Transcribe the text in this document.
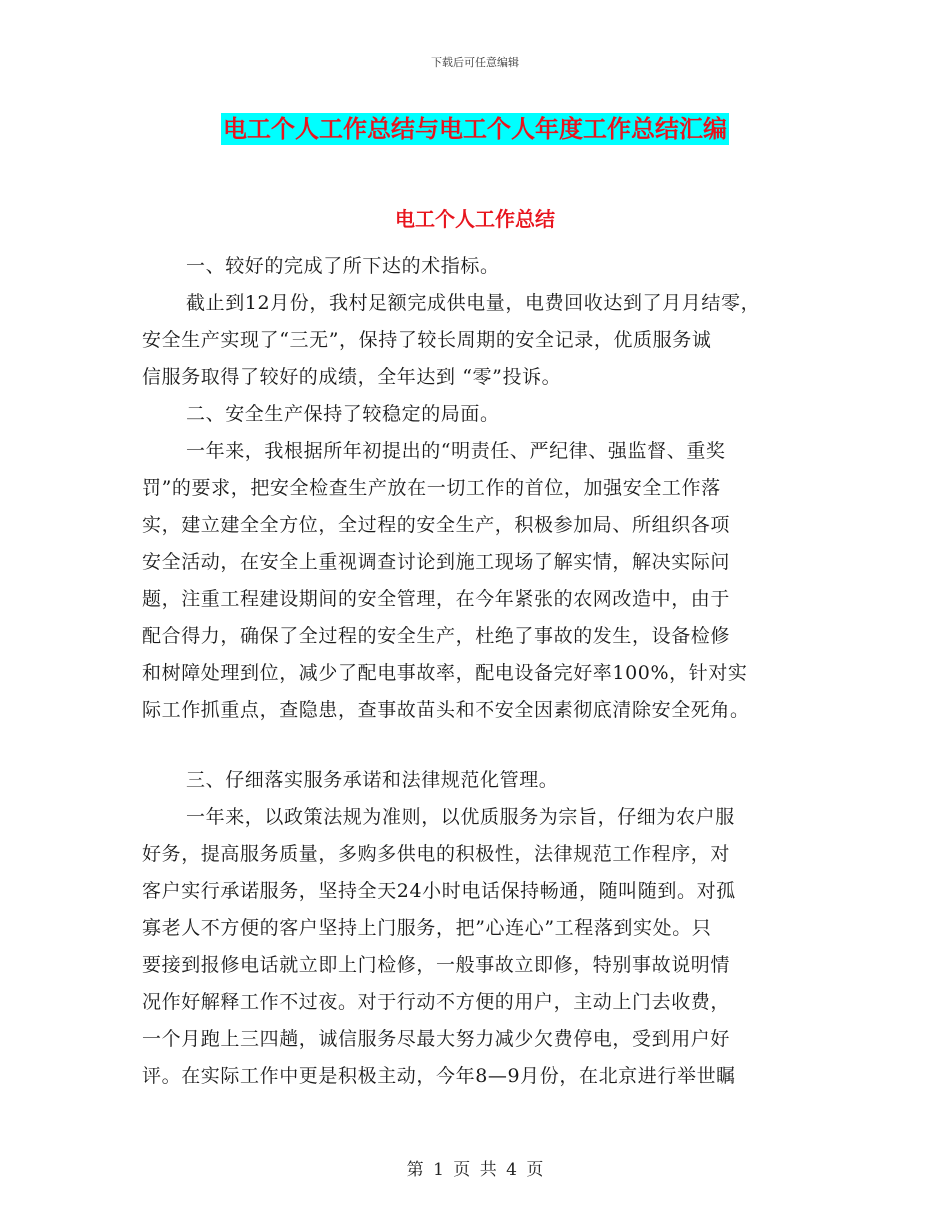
下载后可任意编辑
电工个人工作总结与电工个人年度工作总结汇编
电工个人工作总结
一、较好的完成了所下达的术指标。
截止到12月份，我村足额完成供电量，电费回收达到了月月结零，
安全生产实现了“三无”，保持了较长周期的安全记录，优质服务诚
信服务取得了较好的成绩，全年达到 “零”投诉。
二、安全生产保持了较稳定的局面。
一年来，我根据所年初提出的“明责任、严纪律、强监督、重奖
罚”的要求，把安全检查生产放在一切工作的首位，加强安全工作落
实，建立建全全方位，全过程的安全生产，积极参加局、所组织各项
安全活动，在安全上重视调查讨论到施工现场了解实情，解决实际问
题，注重工程建设期间的安全管理，在今年紧张的农网改造中，由于
配合得力，确保了全过程的安全生产，杜绝了事故的发生，设备检修
和树障处理到位，减少了配电事故率，配电设备完好率100%，针对实
际工作抓重点，查隐患，查事故苗头和不安全因素彻底清除安全死角。
三、仔细落实服务承诺和法律规范化管理。
一年来，以政策法规为准则，以优质服务为宗旨，仔细为农户服
好务，提高服务质量，多购多供电的积极性，法律规范工作程序，对
客户实行承诺服务，坚持全天24小时电话保持畅通，随叫随到。对孤
寡老人不方便的客户坚持上门服务，把”心连心”工程落到实处。只
要接到报修电话就立即上门检修，一般事故立即修，特别事故说明情
况作好解释工作不过夜。对于行动不方便的用户，主动上门去收费，
一个月跑上三四趟，诚信服务尽最大努力减少欠费停电，受到用户好
评。在实际工作中更是积极主动，今年8—9月份，在北京进行举世瞩
第 1 页 共 4 页
